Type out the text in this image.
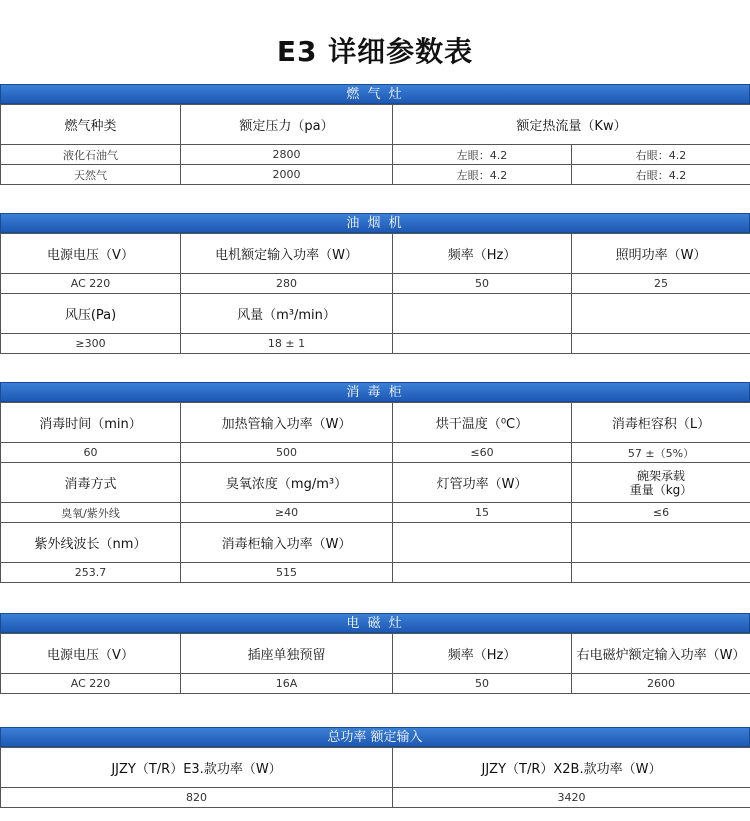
E3 详细参数表
燃 气 灶
燃气种类	额定压力（pa）	额定热流量（Kw）	
液化石油气	2800	左眼：4.2	右眼：4.2
天然气	2000	左眼：4.2	右眼：4.2
油 烟 机
电源电压（V）	电机额定输入功率（W）	频率（Hz）	照明功率（W）
AC 220	280	50	25
风压(Pa)	风量（m³/min）		
≥300	18 ± 1		
消 毒 柜
消毒时间（min）	加热管输入功率（W）	烘干温度（⁰C）	消毒柜容积（L）
60	500	≤60	57 ±（5%）
消毒方式	臭氧浓度（mg/m³）	灯管功率（W）	碗架承载
重量（kg）
臭氧/紫外线	≥40	15	≤6
紫外线波长（nm）	消毒柜输入功率（W）		
253.7	515		
电 磁 灶
电源电压（V）	插座单独预留	频率（Hz）	右电磁炉额定输入功率（W）
AC 220	16A	50	2600
总功率 额定输入
JJZY（T/R）E3.款功率（W）	JJZY（T/R）X2B.款功率（W）
820	3420
